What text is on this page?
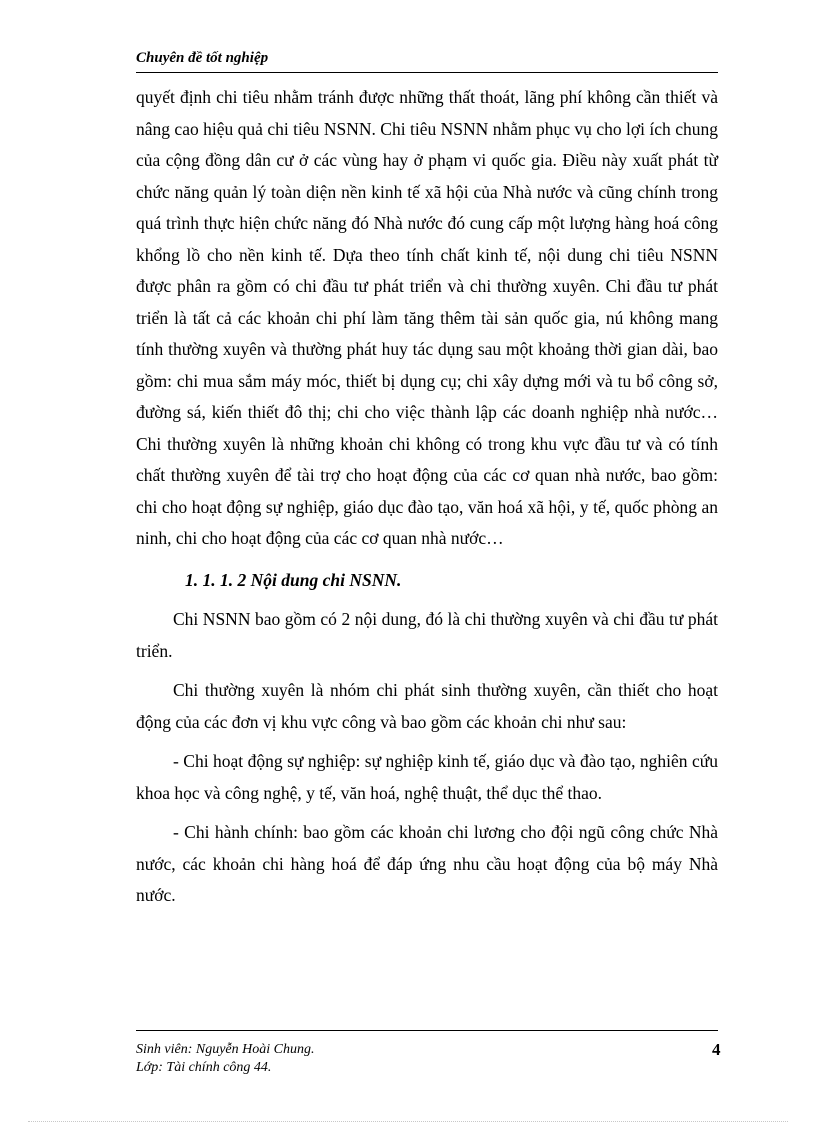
Chuyên đề tốt nghiệp

quyết định chi tiêu nhằm tránh được những thất thoát, lãng phí không cần thiết và nâng cao hiệu quả chi tiêu NSNN. Chi tiêu NSNN nhằm phục vụ cho lợi ích chung của cộng đồng dân cư ở các vùng hay ở phạm vi quốc gia. Điều này xuất phát từ chức năng quản lý toàn diện nền kinh tế xã hội của Nhà nước và cũng chính trong quá trình thực hiện chức năng đó Nhà nước đó cung cấp một lượng hàng hoá công khổng lồ cho nền kinh tế. Dựa theo tính chất kinh tế, nội dung chi tiêu NSNN được phân ra gồm có chi đầu tư phát triển và chi thường xuyên. Chi đầu tư phát triển là tất cả các khoản chi phí làm tăng thêm tài sản quốc gia, nú không mang tính thường xuyên và thường phát huy tác dụng sau một khoảng thời gian dài, bao gồm: chi mua sắm máy móc, thiết bị dụng cụ; chi xây dựng mới và tu bổ công sở, đường sá, kiến thiết đô thị; chi cho việc thành lập các doanh nghiệp nhà nước… Chi thường xuyên là những khoản chi không có trong khu vực đầu tư và có tính chất thường xuyên để tài trợ cho hoạt động của các cơ quan nhà nước, bao gồm: chi cho hoạt động sự nghiệp, giáo dục đào tạo, văn hoá xã hội, y tế, quốc phòng an ninh, chi cho hoạt động của các cơ quan nhà nước…

1. 1. 1. 2 Nội dung chi NSNN.

Chi NSNN bao gồm có 2 nội dung, đó là chi thường xuyên và chi đầu tư phát triển.

Chi thường xuyên là nhóm chi phát sinh thường xuyên, cần thiết cho hoạt động của các đơn vị khu vực công và bao gồm các khoản chi như sau:

- Chi hoạt động sự nghiệp: sự nghiệp kinh tế, giáo dục và đào tạo, nghiên cứu khoa học và công nghệ, y tế, văn hoá, nghệ thuật, thể dục thể thao.

- Chi hành chính: bao gồm các khoản chi lương cho đội ngũ công chức Nhà nước, các khoản chi hàng hoá để đáp ứng nhu cầu hoạt động của bộ máy Nhà nước.

Sinh viên: Nguyễn Hoài Chung.
Lớp: Tài chính công 44.
4
